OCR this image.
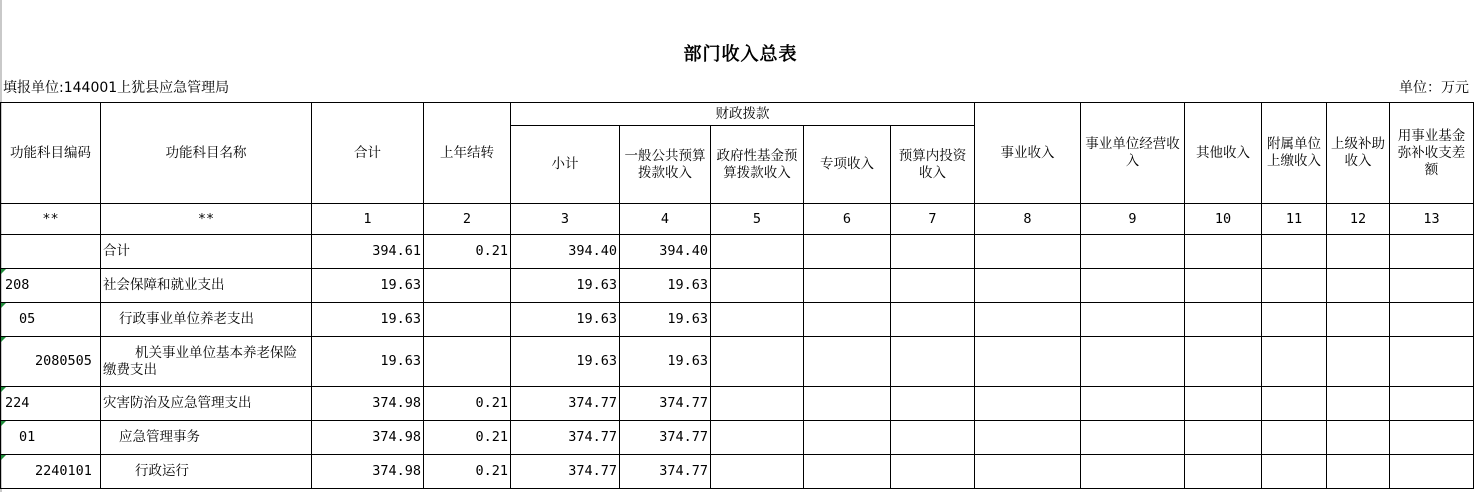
部门收入总表
填报单位:144001上犹县应急管理局	单位：万元
功能科目编码	功能科目名称	合计	上年结转	财政拨款					事业收入	事业单位经营收入	其他收入	附属单位上缴收入	上级补助收入	用事业基金弥补收支差额
				小计	一般公共预算拨款收入	政府性基金预算拨款收入	专项收入	预算内投资收入						
**	**	1	2	3	4	5	6	7	8	9	10	11	12	13
	合计	394.61	0.21	394.40	394.40									

208	社会保障和就业支出	19.63		19.63	19.63									

05	行政事业单位养老支出	19.63		19.63	19.63									

2080505	机关事业单位基本养老保险缴费支出	19.63		19.63	19.63									

224	灾害防治及应急管理支出	374.98	0.21	374.77	374.77									

01	应急管理事务	374.98	0.21	374.77	374.77									

2240101	行政运行	374.98	0.21	374.77	374.77									
